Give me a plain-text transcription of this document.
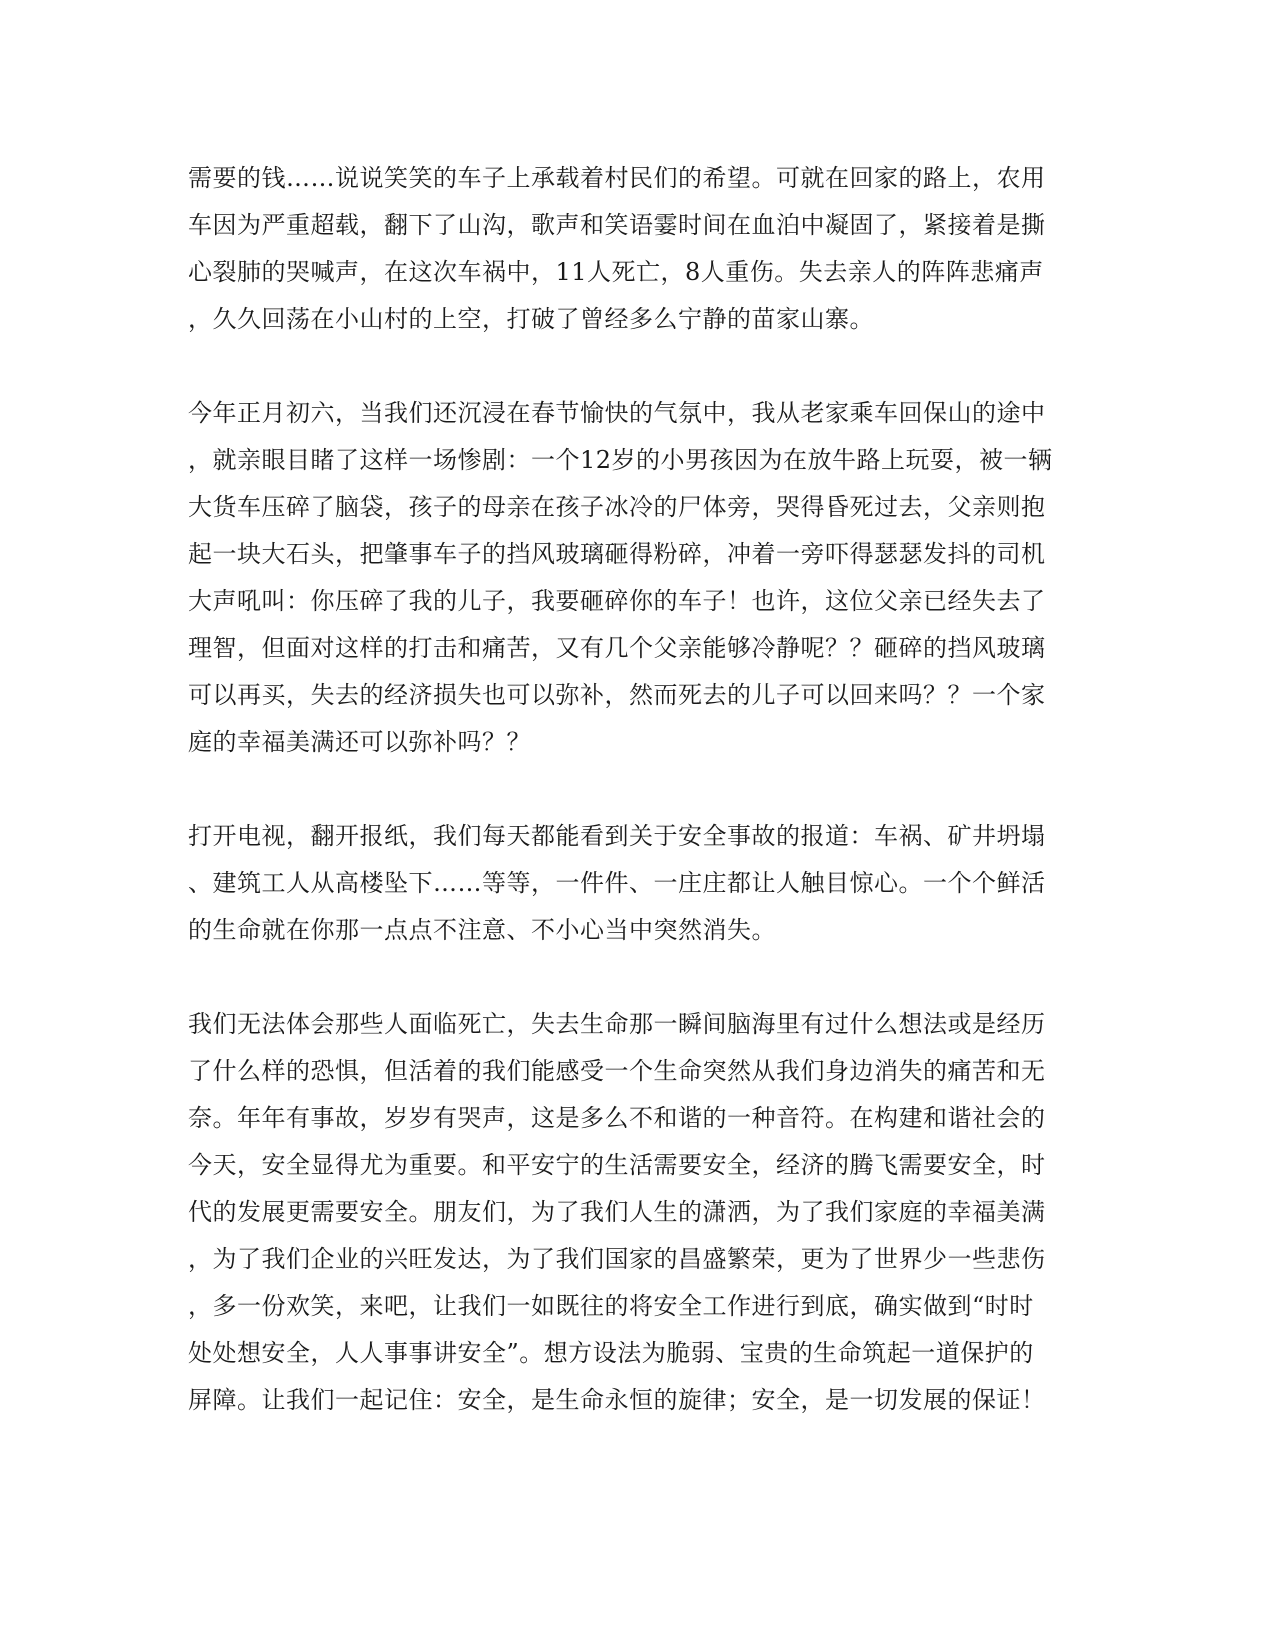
需要的钱……说说笑笑的车子上承载着村民们的希望。可就在回家的路上，农用
车因为严重超载，翻下了山沟，歌声和笑语霎时间在血泊中凝固了，紧接着是撕
心裂肺的哭喊声，在这次车祸中，11人死亡，8人重伤。失去亲人的阵阵悲痛声
，久久回荡在小山村的上空，打破了曾经多么宁静的苗家山寨。
今年正月初六，当我们还沉浸在春节愉快的气氛中，我从老家乘车回保山的途中
，就亲眼目睹了这样一场惨剧：一个12岁的小男孩因为在放牛路上玩耍，被一辆
大货车压碎了脑袋，孩子的母亲在孩子冰冷的尸体旁，哭得昏死过去，父亲则抱
起一块大石头，把肇事车子的挡风玻璃砸得粉碎，冲着一旁吓得瑟瑟发抖的司机
大声吼叫：你压碎了我的儿子，我要砸碎你的车子！也许，这位父亲已经失去了
理智，但面对这样的打击和痛苦，又有几个父亲能够冷静呢？？砸碎的挡风玻璃
可以再买，失去的经济损失也可以弥补，然而死去的儿子可以回来吗？？一个家
庭的幸福美满还可以弥补吗？？
打开电视，翻开报纸，我们每天都能看到关于安全事故的报道：车祸、矿井坍塌
、建筑工人从高楼坠下……等等，一件件、一庄庄都让人触目惊心。一个个鲜活
的生命就在你那一点点不注意、不小心当中突然消失。
我们无法体会那些人面临死亡，失去生命那一瞬间脑海里有过什么想法或是经历
了什么样的恐惧，但活着的我们能感受一个生命突然从我们身边消失的痛苦和无
奈。年年有事故，岁岁有哭声，这是多么不和谐的一种音符。在构建和谐社会的
今天，安全显得尤为重要。和平安宁的生活需要安全，经济的腾飞需要安全，时
代的发展更需要安全。朋友们，为了我们人生的潇洒，为了我们家庭的幸福美满
，为了我们企业的兴旺发达，为了我们国家的昌盛繁荣，更为了世界少一些悲伤
，多一份欢笑，来吧，让我们一如既往的将安全工作进行到底，确实做到“时时
处处想安全，人人事事讲安全”。想方设法为脆弱、宝贵的生命筑起一道保护的
屏障。让我们一起记住：安全，是生命永恒的旋律；安全，是一切发展的保证！
